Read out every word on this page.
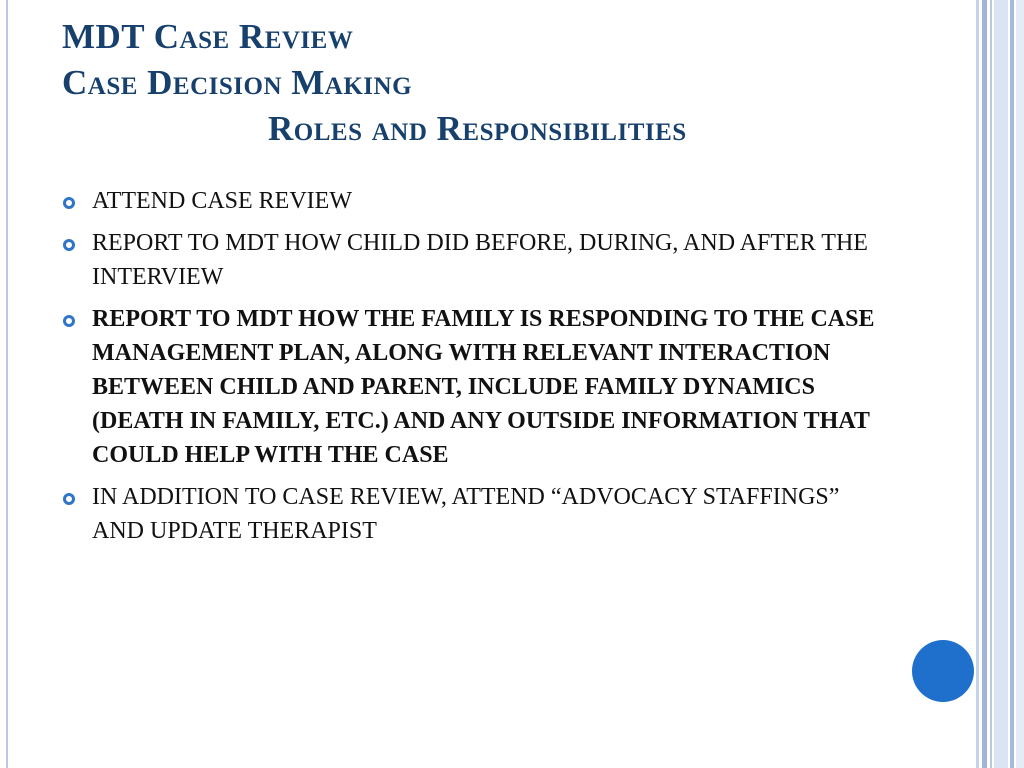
MDT Case Review
Case Decision Making
Roles and Responsibilities
ATTEND CASE REVIEW
REPORT TO MDT HOW CHILD DID BEFORE, DURING, AND AFTER THE INTERVIEW
REPORT TO MDT HOW THE FAMILY IS RESPONDING TO THE CASE MANAGEMENT PLAN, ALONG WITH RELEVANT INTERACTION BETWEEN CHILD AND PARENT, INCLUDE FAMILY DYNAMICS (DEATH IN FAMILY, ETC.) AND ANY OUTSIDE INFORMATION THAT COULD HELP WITH THE CASE
IN ADDITION TO CASE REVIEW, ATTEND “ADVOCACY STAFFINGS” AND UPDATE THERAPIST
